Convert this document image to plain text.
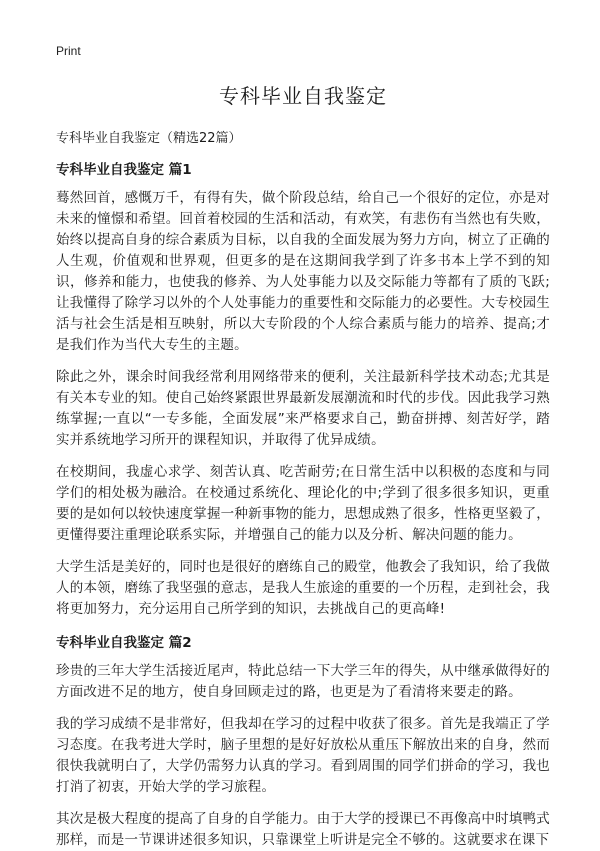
Print
专科毕业自我鉴定
专科毕业自我鉴定（精选22篇）
专科毕业自我鉴定 篇1

蓦然回首，感慨万千，有得有失，做个阶段总结，给自己一个很好的定位，亦是对未来的憧憬和希望。回首着校园的生活和活动，有欢笑，有悲伤有当然也有失败，始终以提高自身的综合素质为目标，以自我的全面发展为努力方向，树立了正确的人生观，价值观和世界观，但更多的是在这期间我学到了许多书本上学不到的知识，修养和能力，也使我的修养、为人处事能力以及交际能力等都有了质的飞跃;让我懂得了除学习以外的个人处事能力的重要性和交际能力的必要性。大专校园生活与社会生活是相互映射，所以大专阶段的个人综合素质与能力的培养、提高;才是我们作为当代大专生的主题。

除此之外，课余时间我经常利用网络带来的便利，关注最新科学技术动态;尤其是有关本专业的知。使自己始终紧跟世界最新发展潮流和时代的步伐。因此我学习熟练掌握;一直以“一专多能，全面发展”来严格要求自己，勤奋拼搏、刻苦好学，踏实并系统地学习所开的课程知识，并取得了优异成绩。

在校期间，我虚心求学、刻苦认真、吃苦耐劳;在日常生活中以积极的态度和与同学们的相处极为融洽。在校通过系统化、理论化的中;学到了很多很多知识，更重要的是如何以较快速度掌握一种新事物的能力，思想成熟了很多，性格更坚毅了，更懂得要注重理论联系实际，并增强自己的能力以及分析、解决问题的能力。

大学生活是美好的，同时也是很好的磨练自己的殿堂，他教会了我知识，给了我做人的本领，磨练了我坚强的意志，是我人生旅途的重要的一个历程，走到社会，我将更加努力，充分运用自己所学到的知识，去挑战自己的更高峰!

专科毕业自我鉴定 篇2

珍贵的三年大学生活接近尾声，特此总结一下大学三年的得失，从中继承做得好的方面改进不足的地方，使自身回顾走过的路，也更是为了看清将来要走的路。

我的学习成绩不是非常好，但我却在学习的过程中收获了很多。首先是我端正了学习态度。在我考进大学时，脑子里想的是好好放松从重压下解放出来的自身，然而很快我就明白了，大学仍需努力认真的学习。看到周围的同学们拼命的学习，我也打消了初衷，开始大学的学习旅程。

其次是极大程度的提高了自身的自学能力。由于大学的授课已不再像高中时填鸭式那样，而是一节课讲述很多知识，只靠课堂上听讲是完全不够的。这就要求在课下
